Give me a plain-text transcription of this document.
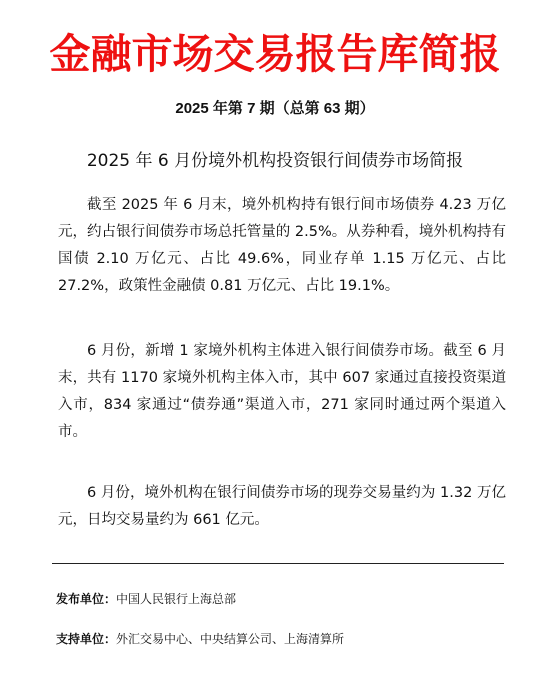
金融市场交易报告库简报
2025 年第 7 期（总第 63 期）
2025 年 6 月份境外机构投资银行间债券市场简报

截至 2025 年 6 月末，境外机构持有银行间市场债券 4.23 万亿元，约占银行间债券市场总托管量的 2.5%。从券种看，境外机构持有国债 2.10 万亿元、占比 49.6%，同业存单 1.15 万亿元、占比 27.2%，政策性金融债 0.81 万亿元、占比 19.1%。

6 月份，新增 1 家境外机构主体进入银行间债券市场。截至 6 月末，共有 1170 家境外机构主体入市，其中 607 家通过直接投资渠道入市，834 家通过“债券通”渠道入市，271 家同时通过两个渠道入市。

6 月份，境外机构在银行间债券市场的现券交易量约为 1.32 万亿元，日均交易量约为 661 亿元。

发布单位：中国人民银行上海总部
支持单位：外汇交易中心、中央结算公司、上海清算所
